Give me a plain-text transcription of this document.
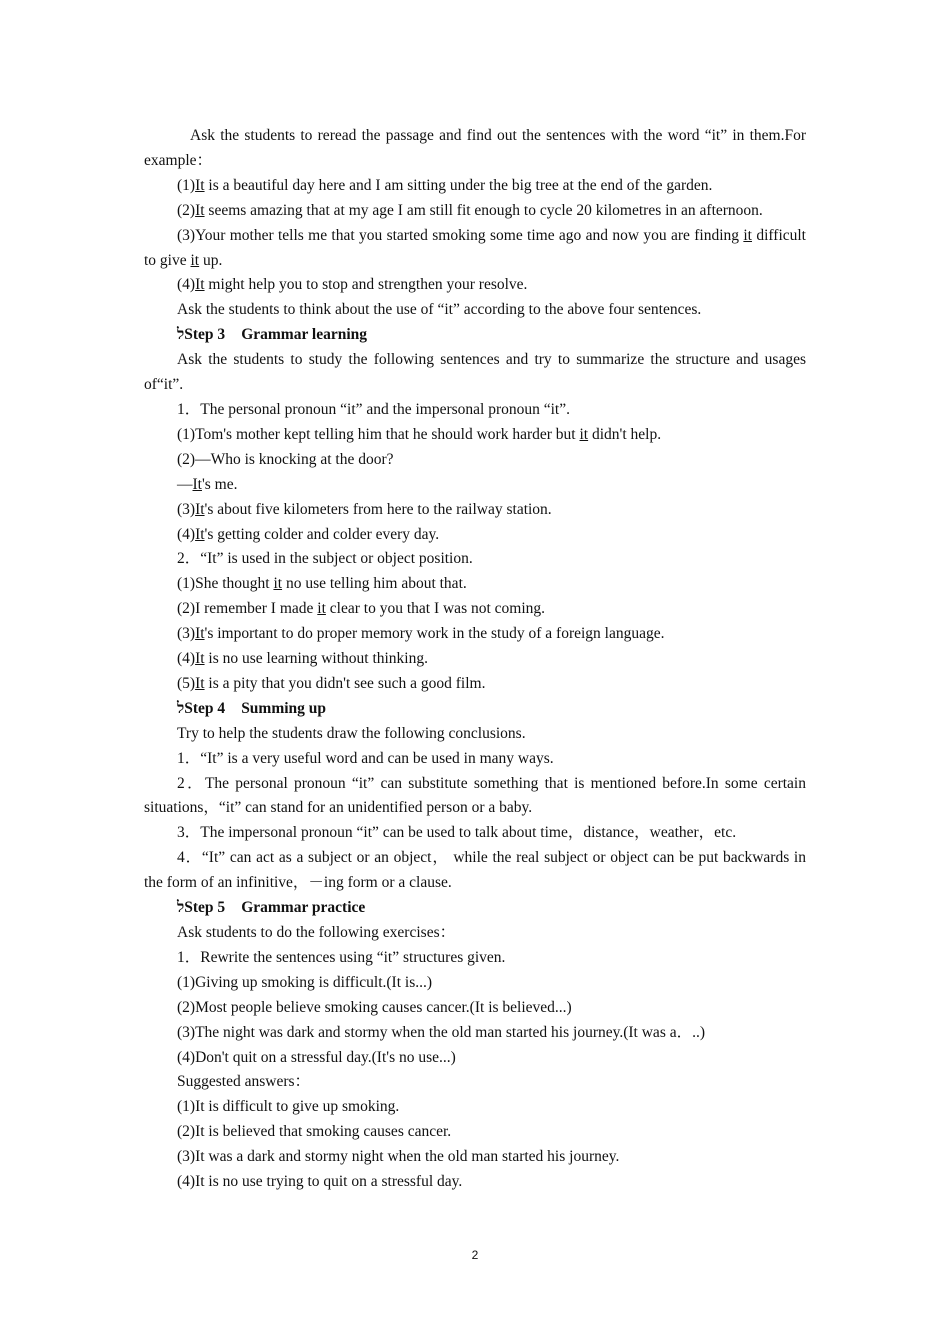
Ask the students to reread the passage and find out the sentences with the word “it” in them.For example：

(1)It is a beautiful day here and I am sitting under the big tree at the end of the garden.

(2)It seems amazing that at my age I am still fit enough to cycle 20 kilometres in an afternoon.

(3)Your mother tells me that you started smoking some time ago and now you are finding it difficult to give it up.

(4)It might help you to stop and strengthen your resolve.

Ask the students to think about the use of “it” according to the above four sentences.

לStep 3 Grammar learning

Ask the students to study the following sentences and try to summarize the structure and usages of“it”.

1．The personal pronoun “it” and the impersonal pronoun “it”.

(1)Tom's mother kept telling him that he should work harder but it didn't help.

(2)—Who is knocking at the door?

—It's me.

(3)It's about five kilometers from here to the railway station.

(4)It's getting colder and colder every day.

2．“It” is used in the subject or object position.

(1)She thought it no use telling him about that.

(2)I remember I made it clear to you that I was not coming.

(3)It's important to do proper memory work in the study of a foreign language.

(4)It is no use learning without thinking.

(5)It is a pity that you didn't see such a good film.

לStep 4 Summing up

Try to help the students draw the following conclusions.

1．“It” is a very useful word and can be used in many ways.

2．The personal pronoun “it” can substitute something that is mentioned before.In some certain situations，“it” can stand for an unidentified person or a baby.

3．The impersonal pronoun “it” can be used to talk about time，distance，weather，etc.

4．“It” can act as a subject or an object， while the real subject or object can be put backwards in the form of an infinitive，－ing form or a clause.

לStep 5 Grammar practice

Ask students to do the following exercises：

1．Rewrite the sentences using “it” structures given.

(1)Giving up smoking is difficult.(It is...)

(2)Most people believe smoking causes cancer.(It is believed...)

(3)The night was dark and stormy when the old man started his journey.(It was a．..)

(4)Don't quit on a stressful day.(It's no use...)

Suggested answers：

(1)It is difficult to give up smoking.

(2)It is believed that smoking causes cancer.

(3)It was a dark and stormy night when the old man started his journey.

(4)It is no use trying to quit on a stressful day.

2
